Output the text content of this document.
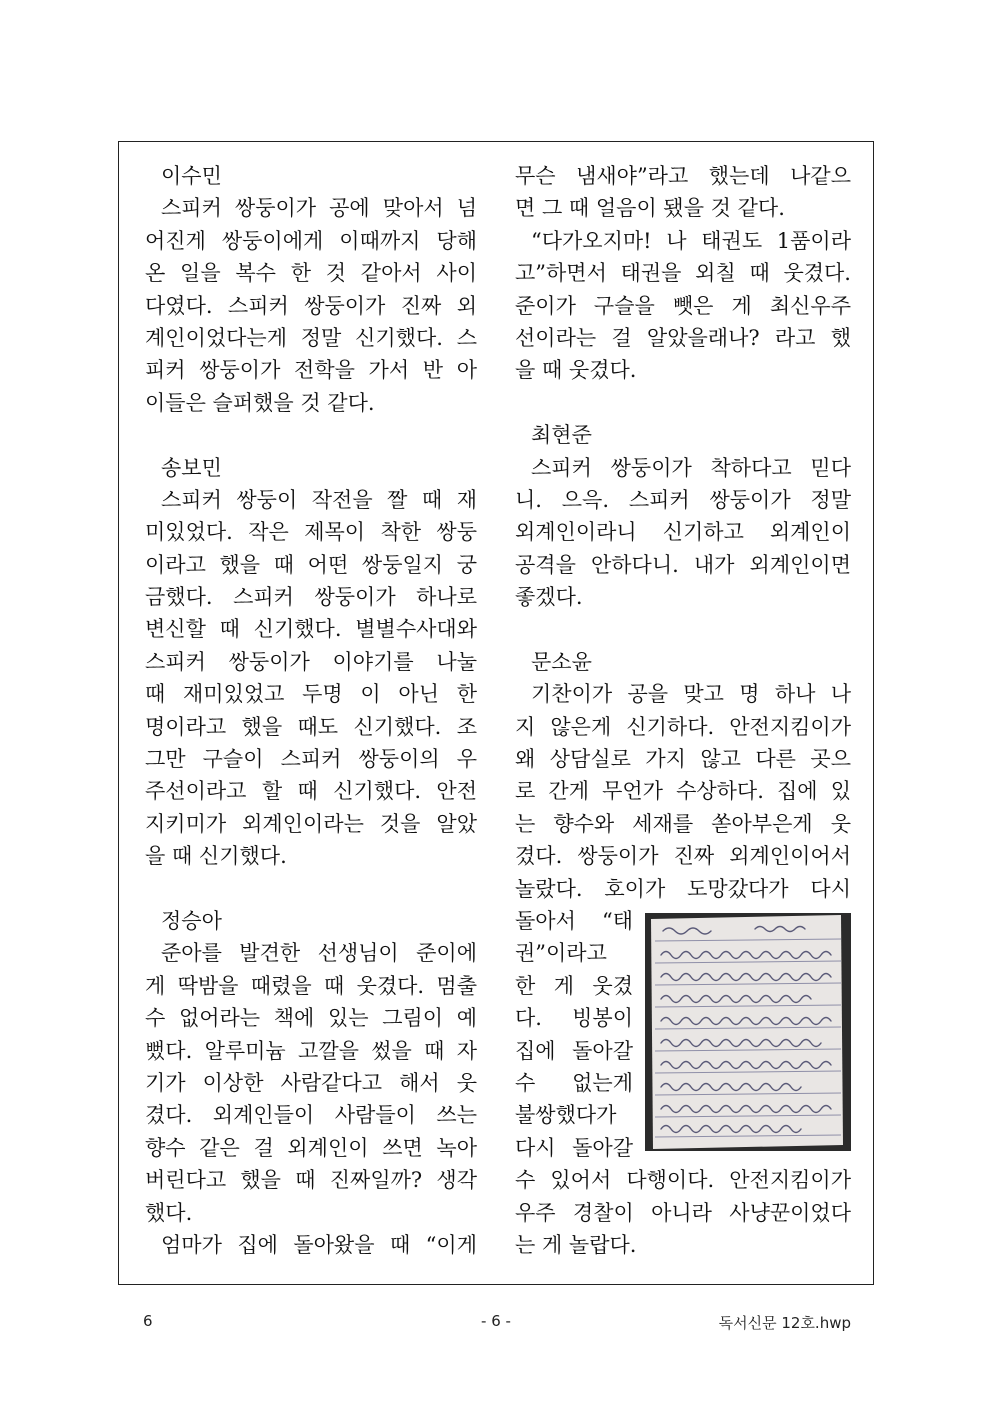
이수민
스피커 쌍둥이가 공에 맞아서 넘
어진게 쌍둥이에게 이때까지 당해
온 일을 복수 한 것 같아서 사이
다였다. 스피커 쌍둥이가 진짜 외
계인이었다는게 정말 신기했다. 스
피커 쌍둥이가 전학을 가서 반 아
이들은 슬퍼했을 것 같다.
송보민
스피커 쌍둥이 작전을 짤 때 재
미있었다. 작은 제목이 착한 쌍둥
이라고 했을 때 어떤 쌍둥일지 궁
금했다. 스피커 쌍둥이가 하나로
변신할 때 신기했다. 별별수사대와
스피커 쌍둥이가 이야기를 나눌
때 재미있었고 두명 이 아닌 한
명이라고 했을 때도 신기했다. 조
그만 구슬이 스피커 쌍둥이의 우
주선이라고 할 때 신기했다. 안전
지키미가 외계인이라는 것을 알았
을 때 신기했다.
정승아
준아를 발견한 선생님이 준이에
게 딱밤을 때렸을 때 웃겼다. 멈출
수 없어라는 책에 있는 그림이 예
뻤다. 알루미늄 고깔을 썼을 때 자
기가 이상한 사람같다고 해서 웃
겼다. 외계인들이 사람들이 쓰는
향수 같은 걸 외계인이 쓰면 녹아
버린다고 했을 때 진짜일까? 생각
했다.
엄마가 집에 돌아왔을 때 “이게
무슨 냄새야”라고 했는데 나같으
면 그 때 얼음이 됐을 것 같다.
“다가오지마! 나 태권도 1품이라
고”하면서 태권을 외칠 때 웃겼다.
준이가 구슬을 뺏은 게 최신우주
선이라는 걸 알았을래나? 라고 했
을 때 웃겼다.
최현준
스피커 쌍둥이가 착하다고 믿다
니. 으윽. 스피커 쌍둥이가 정말
외계인이라니 신기하고 외계인이
공격을 안하다니. 내가 외계인이면
좋겠다.
문소윤
기찬이가 공을 맞고 명 하나 나
지 않은게 신기하다. 안전지킴이가
왜 상담실로 가지 않고 다른 곳으
로 간게 무언가 수상하다. 집에 있
는 향수와 세재를 쏟아부은게 웃
겼다. 쌍둥이가 진짜 외계인이어서
놀랐다. 호이가 도망갔다가 다시
돌아서 “태
권”이라고
한 게 웃겼
다. 빙봉이
집에 돌아갈
수 없는게
불쌍했다가
다시 돌아갈
수 있어서 다행이다. 안전지킴이가
우주 경찰이 아니라 사냥꾼이었다
는 게 놀랍다.
6	- 6 -	독서신문 12호.hwp
